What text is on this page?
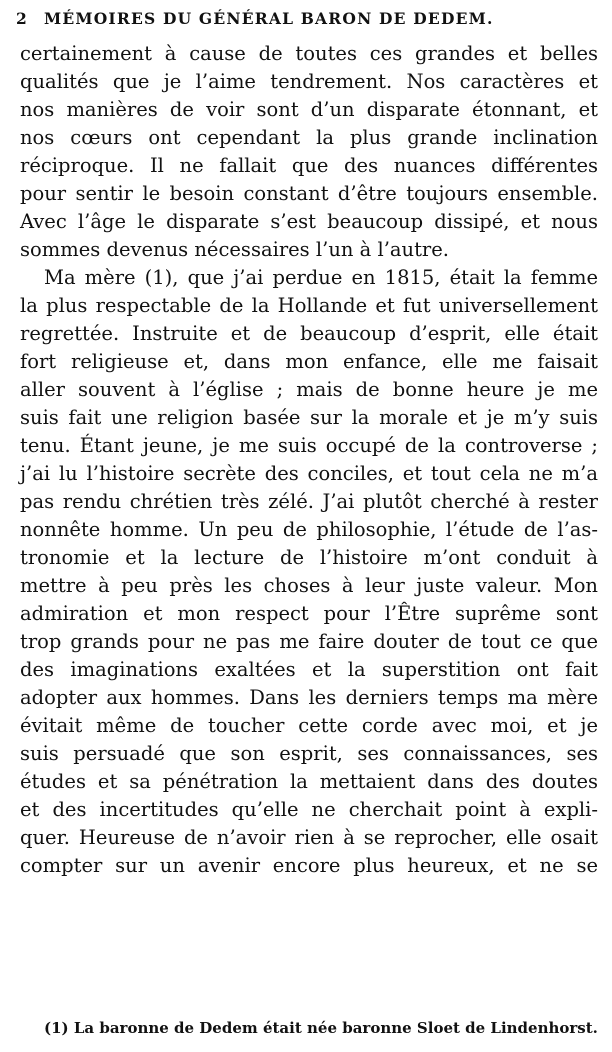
2 MÉMOIRES DU GÉNÉRAL BARON DE DEDEM.
certainement à cause de toutes ces grandes et belles
qualités que je l’aime tendrement. Nos caractères et
nos manières de voir sont d’un disparate étonnant, et
nos cœurs ont cependant la plus grande inclination
réciproque. Il ne fallait que des nuances différentes
pour sentir le besoin constant d’être toujours ensemble.
Avec l’âge le disparate s’est beaucoup dissipé, et nous
sommes devenus nécessaires l’un à l’autre.
Ma mère (1), que j’ai perdue en 1815, était la femme
la plus respectable de la Hollande et fut universellement
regrettée. Instruite et de beaucoup d’esprit, elle était
fort religieuse et, dans mon enfance, elle me faisait
aller souvent à l’église ; mais de bonne heure je me
suis fait une religion basée sur la morale et je m’y suis
tenu. Étant jeune, je me suis occupé de la controverse ;
j’ai lu l’histoire secrète des conciles, et tout cela ne m’a
pas rendu chrétien très zélé. J’ai plutôt cherché à rester
nonnête homme. Un peu de philosophie, l’étude de l’as-
tronomie et la lecture de l’histoire m’ont conduit à
mettre à peu près les choses à leur juste valeur. Mon
admiration et mon respect pour l’Être suprême sont
trop grands pour ne pas me faire douter de tout ce que
des imaginations exaltées et la superstition ont fait
adopter aux hommes. Dans les derniers temps ma mère
évitait même de toucher cette corde avec moi, et je
suis persuadé que son esprit, ses connaissances, ses
études et sa pénétration la mettaient dans des doutes
et des incertitudes qu’elle ne cherchait point à expli-
quer. Heureuse de n’avoir rien à se reprocher, elle osait
compter sur un avenir encore plus heureux, et ne se
(1) La baronne de Dedem était née baronne Sloet de Lindenhorst.
